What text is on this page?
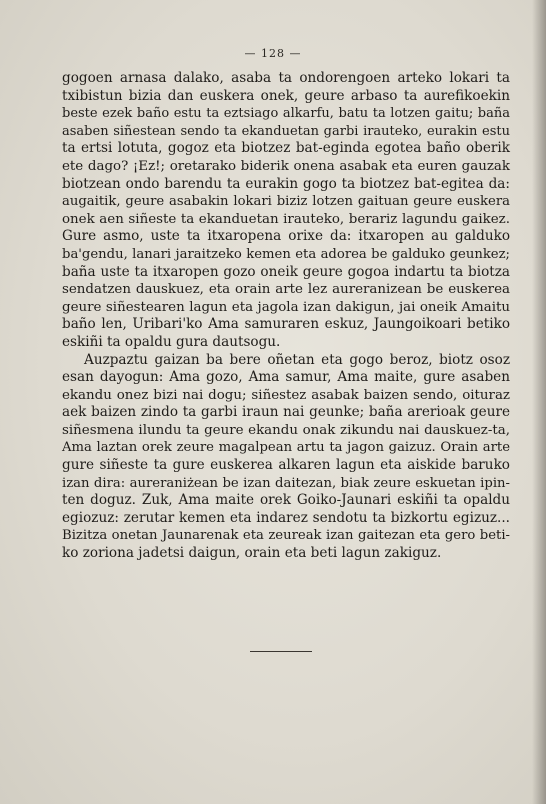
— 128 —

gogoen arnasa dalako, asaba ta ondorengoen arteko lokari ta
txibistun bizia dan euskera onek, geure arbaso ta aurefikoekin
beste ezek baño estu ta eztsiago alkarfu, batu ta lotzen gaitu; baña
asaben siñestean sendo ta ekanduetan garbi irauteko, eurakin estu
ta ertsi lotuta, gogoz eta biotzez bat-eginda egotea baño oberik
ete dago? ¡Ez!; oretarako biderik onena asabak eta euren gauzak
biotzean ondo barendu ta eurakin gogo ta biotzez bat-egitea da:
augaitik, geure asabakin lokari biziz lotzen gaituan geure euskera
onek aen siñeste ta ekanduetan irauteko, berariz lagundu gaikez.
Gure asmo, uste ta itxaropena orixe da: itxaropen au galduko
ba'gendu, lanari jaraitzeko kemen eta adorea be galduko geunkez;
baña uste ta itxaropen gozo oneik geure gogoa indartu ta biotza
sendatzen dauskuez, eta orain arte lez aureranizean be euskerea
geure siñestearen lagun eta jagola izan dakigun, jai oneik Amaitu
baño len, Uribari'ko Ama samuraren eskuz, Jaungoikoari betiko
eskiñi ta opaldu gura dautsogu.

Auzpaztu gaizan ba bere oñetan eta gogo beroz, biotz osoz
esan dayogun: Ama gozo, Ama samur, Ama maite, gure asaben
ekandu onez bizi nai dogu; siñestez asabak baizen sendo, oituraz
aek baizen zindo ta garbi iraun nai geunke; baña arerioak geure
siñesmena ilundu ta geure ekandu onak zikundu nai dauskuez-ta,
Ama laztan orek zeure magalpean artu ta jagon gaizuz. Orain arte
gure siñeste ta gure euskerea alkaren lagun eta aiskide baruko
izan dira: aureraniżean be izan daitezan, biak zeure eskuetan ipin-
ten doguz. Zuk, Ama maite orek Goiko-Jaunari eskiñi ta opaldu
egiozuz: zerutar kemen eta indarez sendotu ta bizkortu egizuz...
Bizitza onetan Jaunarenak eta zeureak izan gaitezan eta gero beti-
ko zoriona jadetsi daigun, orain eta beti lagun zakiguz.
